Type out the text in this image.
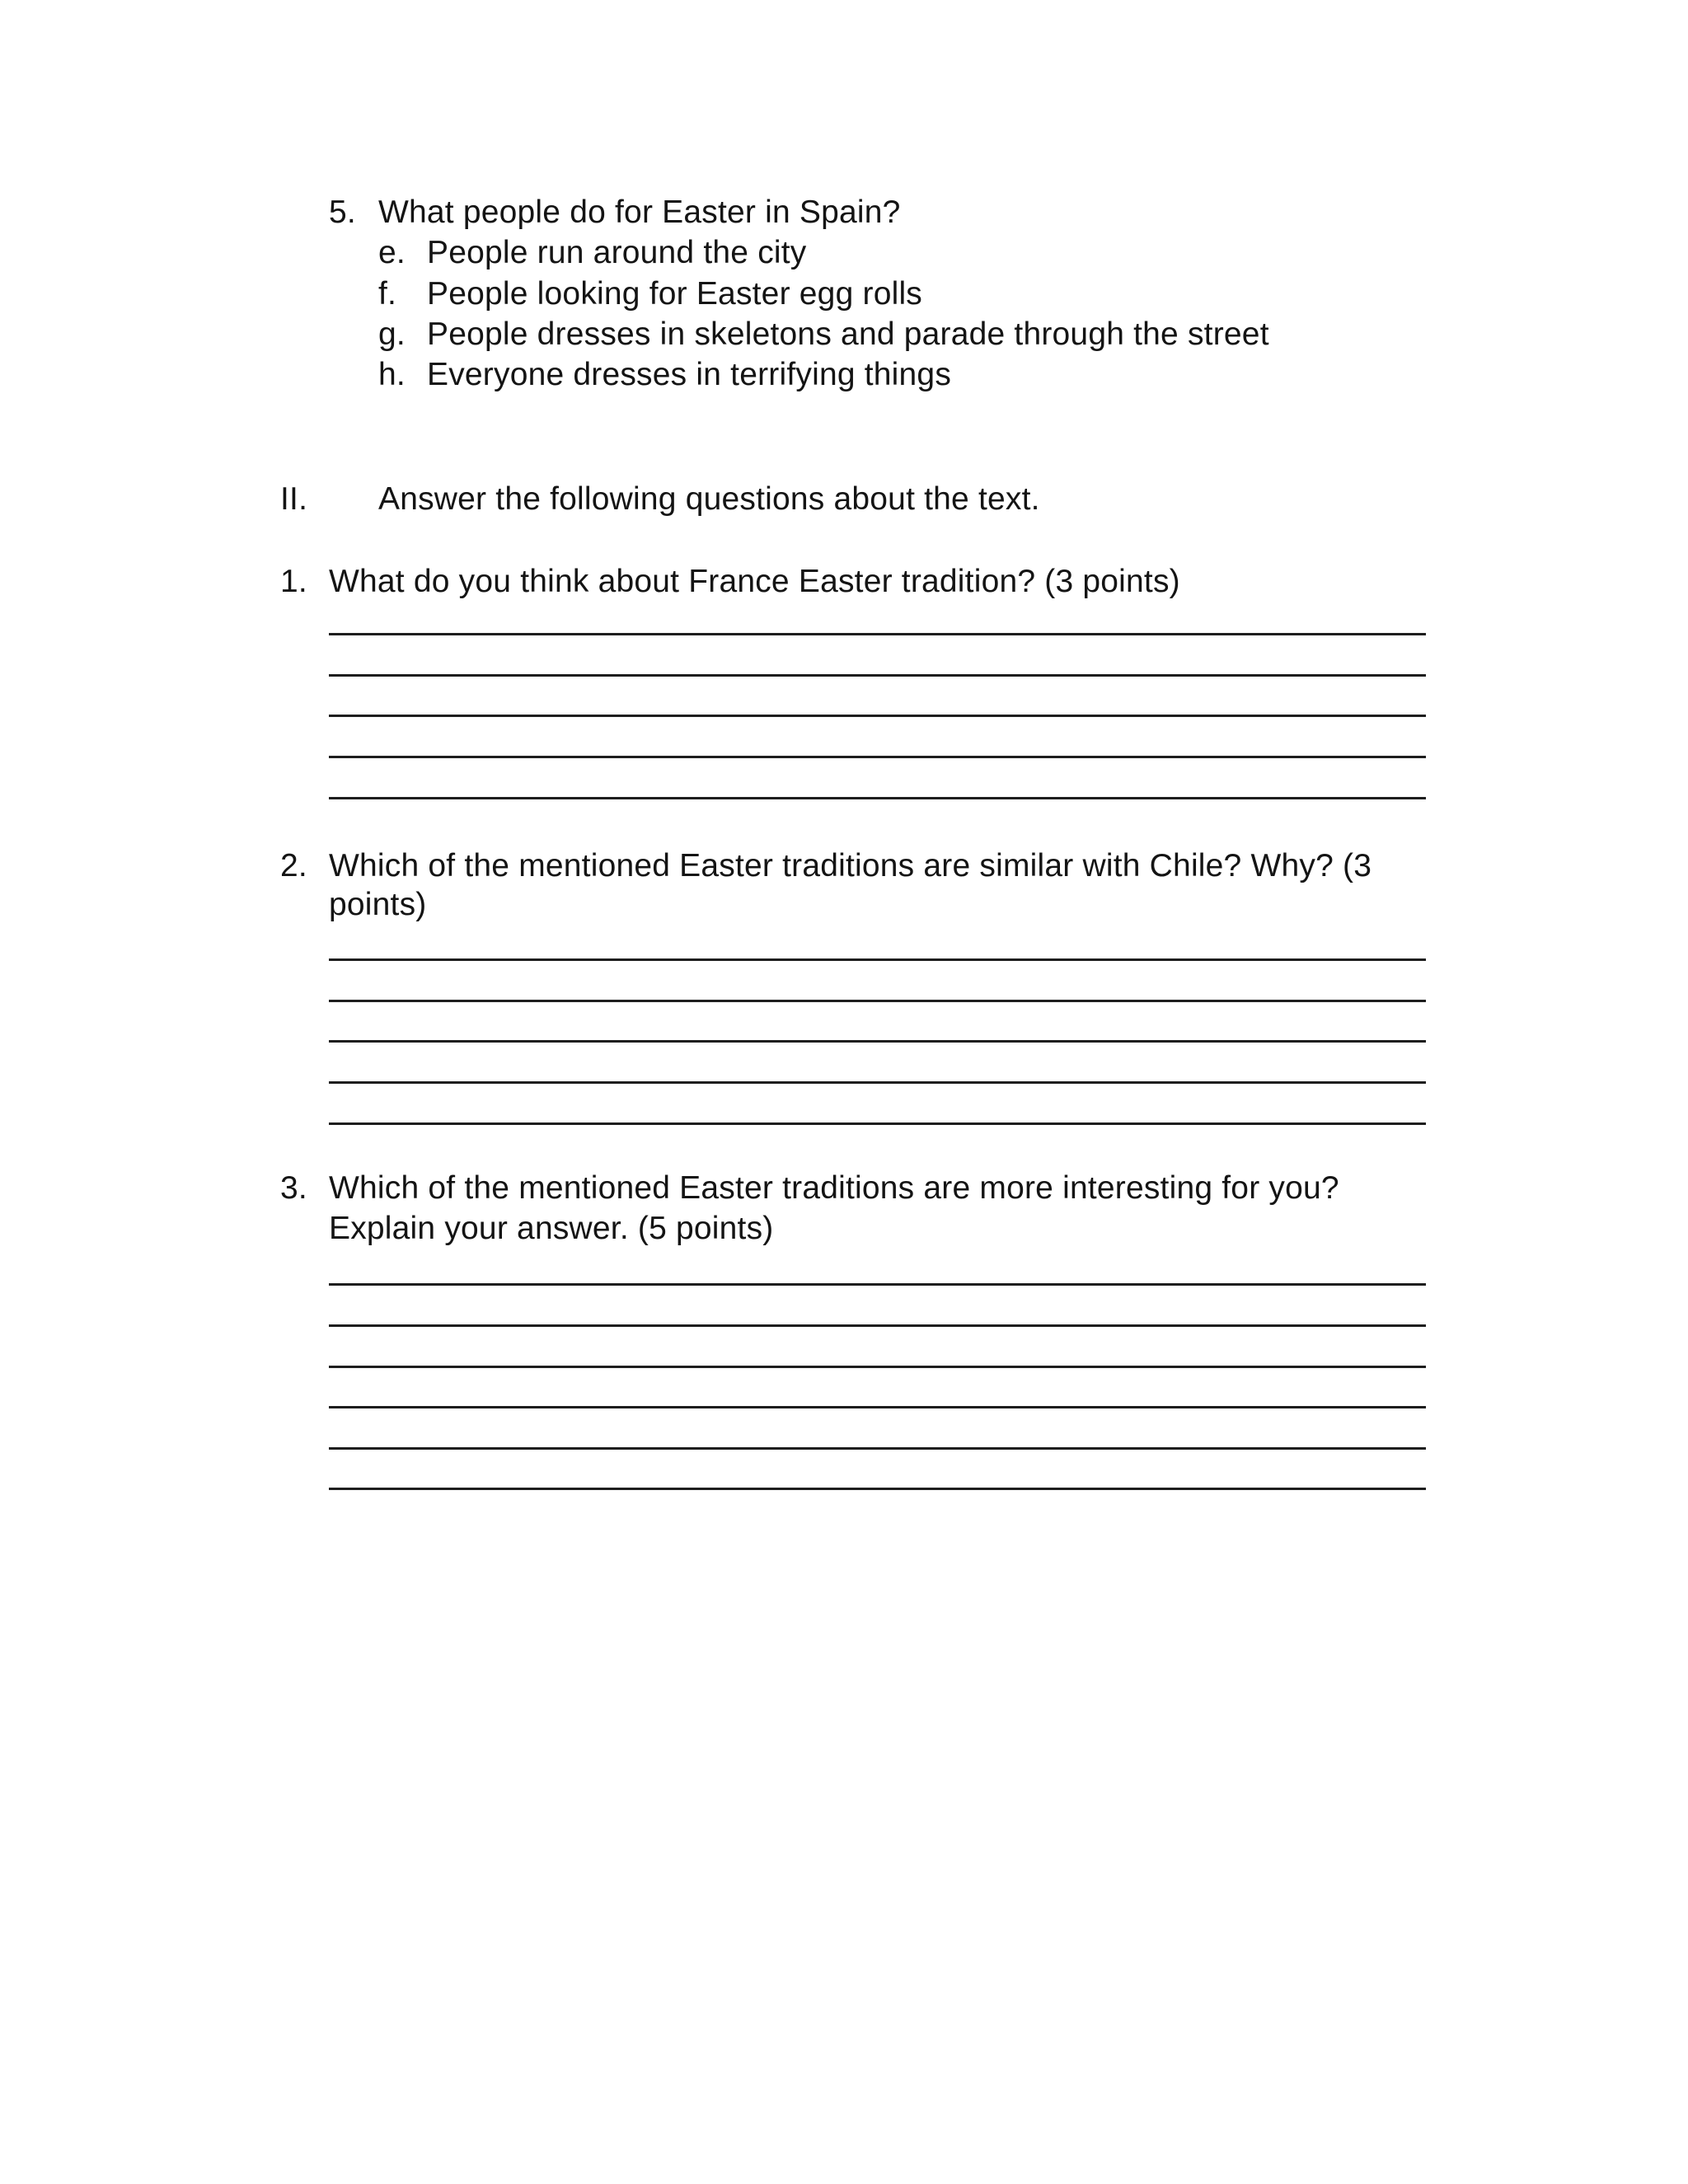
5. What people do for Easter in Spain?
e. People run around the city
f. People looking for Easter egg rolls
g. People dresses in skeletons and parade through the street
h. Everyone dresses in terrifying things
II. Answer the following questions about the text.
1. What do you think about France Easter tradition? (3 points)
2. Which of the mentioned Easter traditions are similar with Chile? Why? (3
points)
3. Which of the mentioned Easter traditions are more interesting for you?
Explain your answer. (5 points)
